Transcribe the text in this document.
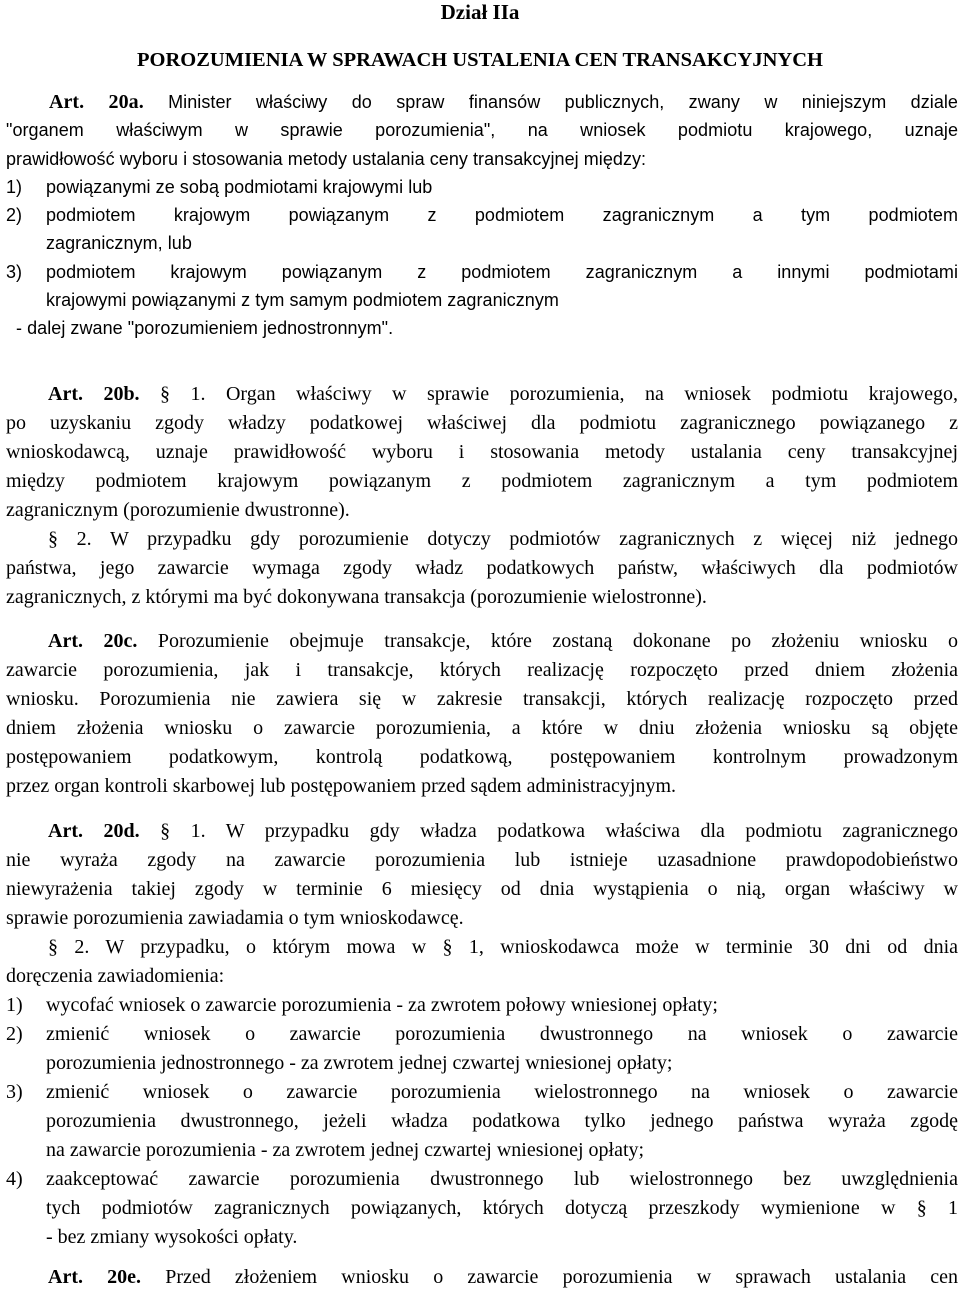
Dział IIa
POROZUMIENIA W SPRAWACH USTALENIA CEN TRANSAKCYJNYCH
Art. 20a. Minister właściwy do spraw finansów publicznych, zwany w niniejszym dziale
"organem właściwym w sprawie porozumienia", na wniosek podmiotu krajowego, uznaje
prawidłowość wyboru i stosowania metody ustalania ceny transakcyjnej między:
1) powiązanymi ze sobą podmiotami krajowymi lub
2) podmiotem krajowym powiązanym z podmiotem zagranicznym a tym podmiotem
zagranicznym, lub
3) podmiotem krajowym powiązanym z podmiotem zagranicznym a innymi podmiotami
krajowymi powiązanymi z tym samym podmiotem zagranicznym
- dalej zwane "porozumieniem jednostronnym".
Art. 20b. § 1. Organ właściwy w sprawie porozumienia, na wniosek podmiotu krajowego,
po uzyskaniu zgody władzy podatkowej właściwej dla podmiotu zagranicznego powiązanego z
wnioskodawcą, uznaje prawidłowość wyboru i stosowania metody ustalania ceny transakcyjnej
między podmiotem krajowym powiązanym z podmiotem zagranicznym a tym podmiotem
zagranicznym (porozumienie dwustronne).
§ 2. W przypadku gdy porozumienie dotyczy podmiotów zagranicznych z więcej niż jednego
państwa, jego zawarcie wymaga zgody władz podatkowych państw, właściwych dla podmiotów
zagranicznych, z którymi ma być dokonywana transakcja (porozumienie wielostronne).
Art. 20c. Porozumienie obejmuje transakcje, które zostaną dokonane po złożeniu wniosku o
zawarcie porozumienia, jak i transakcje, których realizację rozpoczęto przed dniem złożenia
wniosku. Porozumienia nie zawiera się w zakresie transakcji, których realizację rozpoczęto przed
dniem złożenia wniosku o zawarcie porozumienia, a które w dniu złożenia wniosku są objęte
postępowaniem podatkowym, kontrolą podatkową, postępowaniem kontrolnym prowadzonym
przez organ kontroli skarbowej lub postępowaniem przed sądem administracyjnym.
Art. 20d. § 1. W przypadku gdy władza podatkowa właściwa dla podmiotu zagranicznego
nie wyraża zgody na zawarcie porozumienia lub istnieje uzasadnione prawdopodobieństwo
niewyrażenia takiej zgody w terminie 6 miesięcy od dnia wystąpienia o nią, organ właściwy w
sprawie porozumienia zawiadamia o tym wnioskodawcę.
§ 2. W przypadku, o którym mowa w § 1, wnioskodawca może w terminie 30 dni od dnia
doręczenia zawiadomienia:
1) wycofać wniosek o zawarcie porozumienia - za zwrotem połowy wniesionej opłaty;
2) zmienić wniosek o zawarcie porozumienia dwustronnego na wniosek o zawarcie
porozumienia jednostronnego - za zwrotem jednej czwartej wniesionej opłaty;
3) zmienić wniosek o zawarcie porozumienia wielostronnego na wniosek o zawarcie
porozumienia dwustronnego, jeżeli władza podatkowa tylko jednego państwa wyraża zgodę
na zawarcie porozumienia - za zwrotem jednej czwartej wniesionej opłaty;
4) zaakceptować zawarcie porozumienia dwustronnego lub wielostronnego bez uwzględnienia
tych podmiotów zagranicznych powiązanych, których dotyczą przeszkody wymienione w § 1
- bez zmiany wysokości opłaty.
Art. 20e. Przed złożeniem wniosku o zawarcie porozumienia w sprawach ustalania cen
